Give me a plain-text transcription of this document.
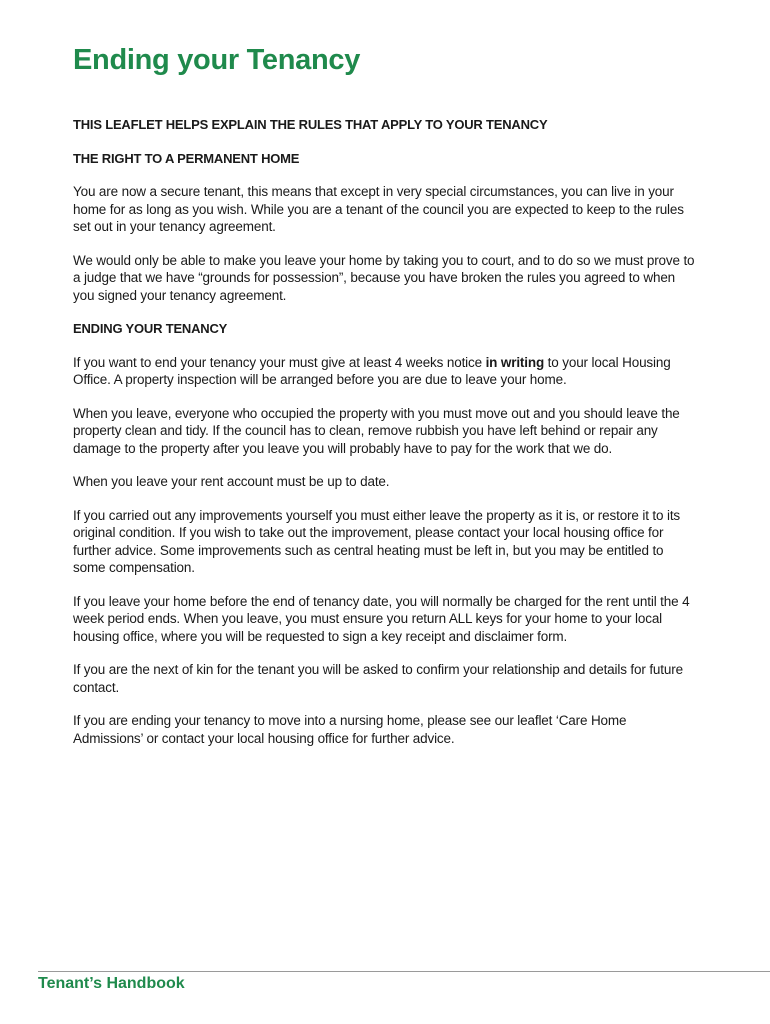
Ending your Tenancy

THIS LEAFLET HELPS EXPLAIN THE RULES THAT APPLY TO YOUR TENANCY

THE RIGHT TO A PERMANENT HOME

You are now a secure tenant, this means that except in very special circumstances, you can live in your home for as long as you wish. While you are a tenant of the council you are expected to keep to the rules set out in your tenancy agreement.

We would only be able to make you leave your home by taking you to court, and to do so we must prove to a judge that we have “grounds for possession”, because you have broken the rules you agreed to when you signed your tenancy agreement.

ENDING YOUR TENANCY

If you want to end your tenancy your must give at least 4 weeks notice in writing to your local Housing Office. A property inspection will be arranged before you are due to leave your home.

When you leave, everyone who occupied the property with you must move out and you should leave the property clean and tidy. If the council has to clean, remove rubbish you have left behind or repair any damage to the property after you leave you will probably have to pay for the work that we do.

When you leave your rent account must be up to date.

If you carried out any improvements yourself you must either leave the property as it is, or restore it to its original condition. If you wish to take out the improvement, please contact your local housing office for further advice. Some improvements such as central heating must be left in, but you may be entitled to some compensation.

If you leave your home before the end of tenancy date, you will normally be charged for the rent until the 4 week period ends. When you leave, you must ensure you return ALL keys for your home to your local housing office, where you will be requested to sign a key receipt and disclaimer form.

If you are the next of kin for the tenant you will be asked to confirm your relationship and details for future contact.

If you are ending your tenancy to move into a nursing home, please see our leaflet ‘Care Home Admissions’ or contact your local housing office for further advice.

Tenant’s Handbook
